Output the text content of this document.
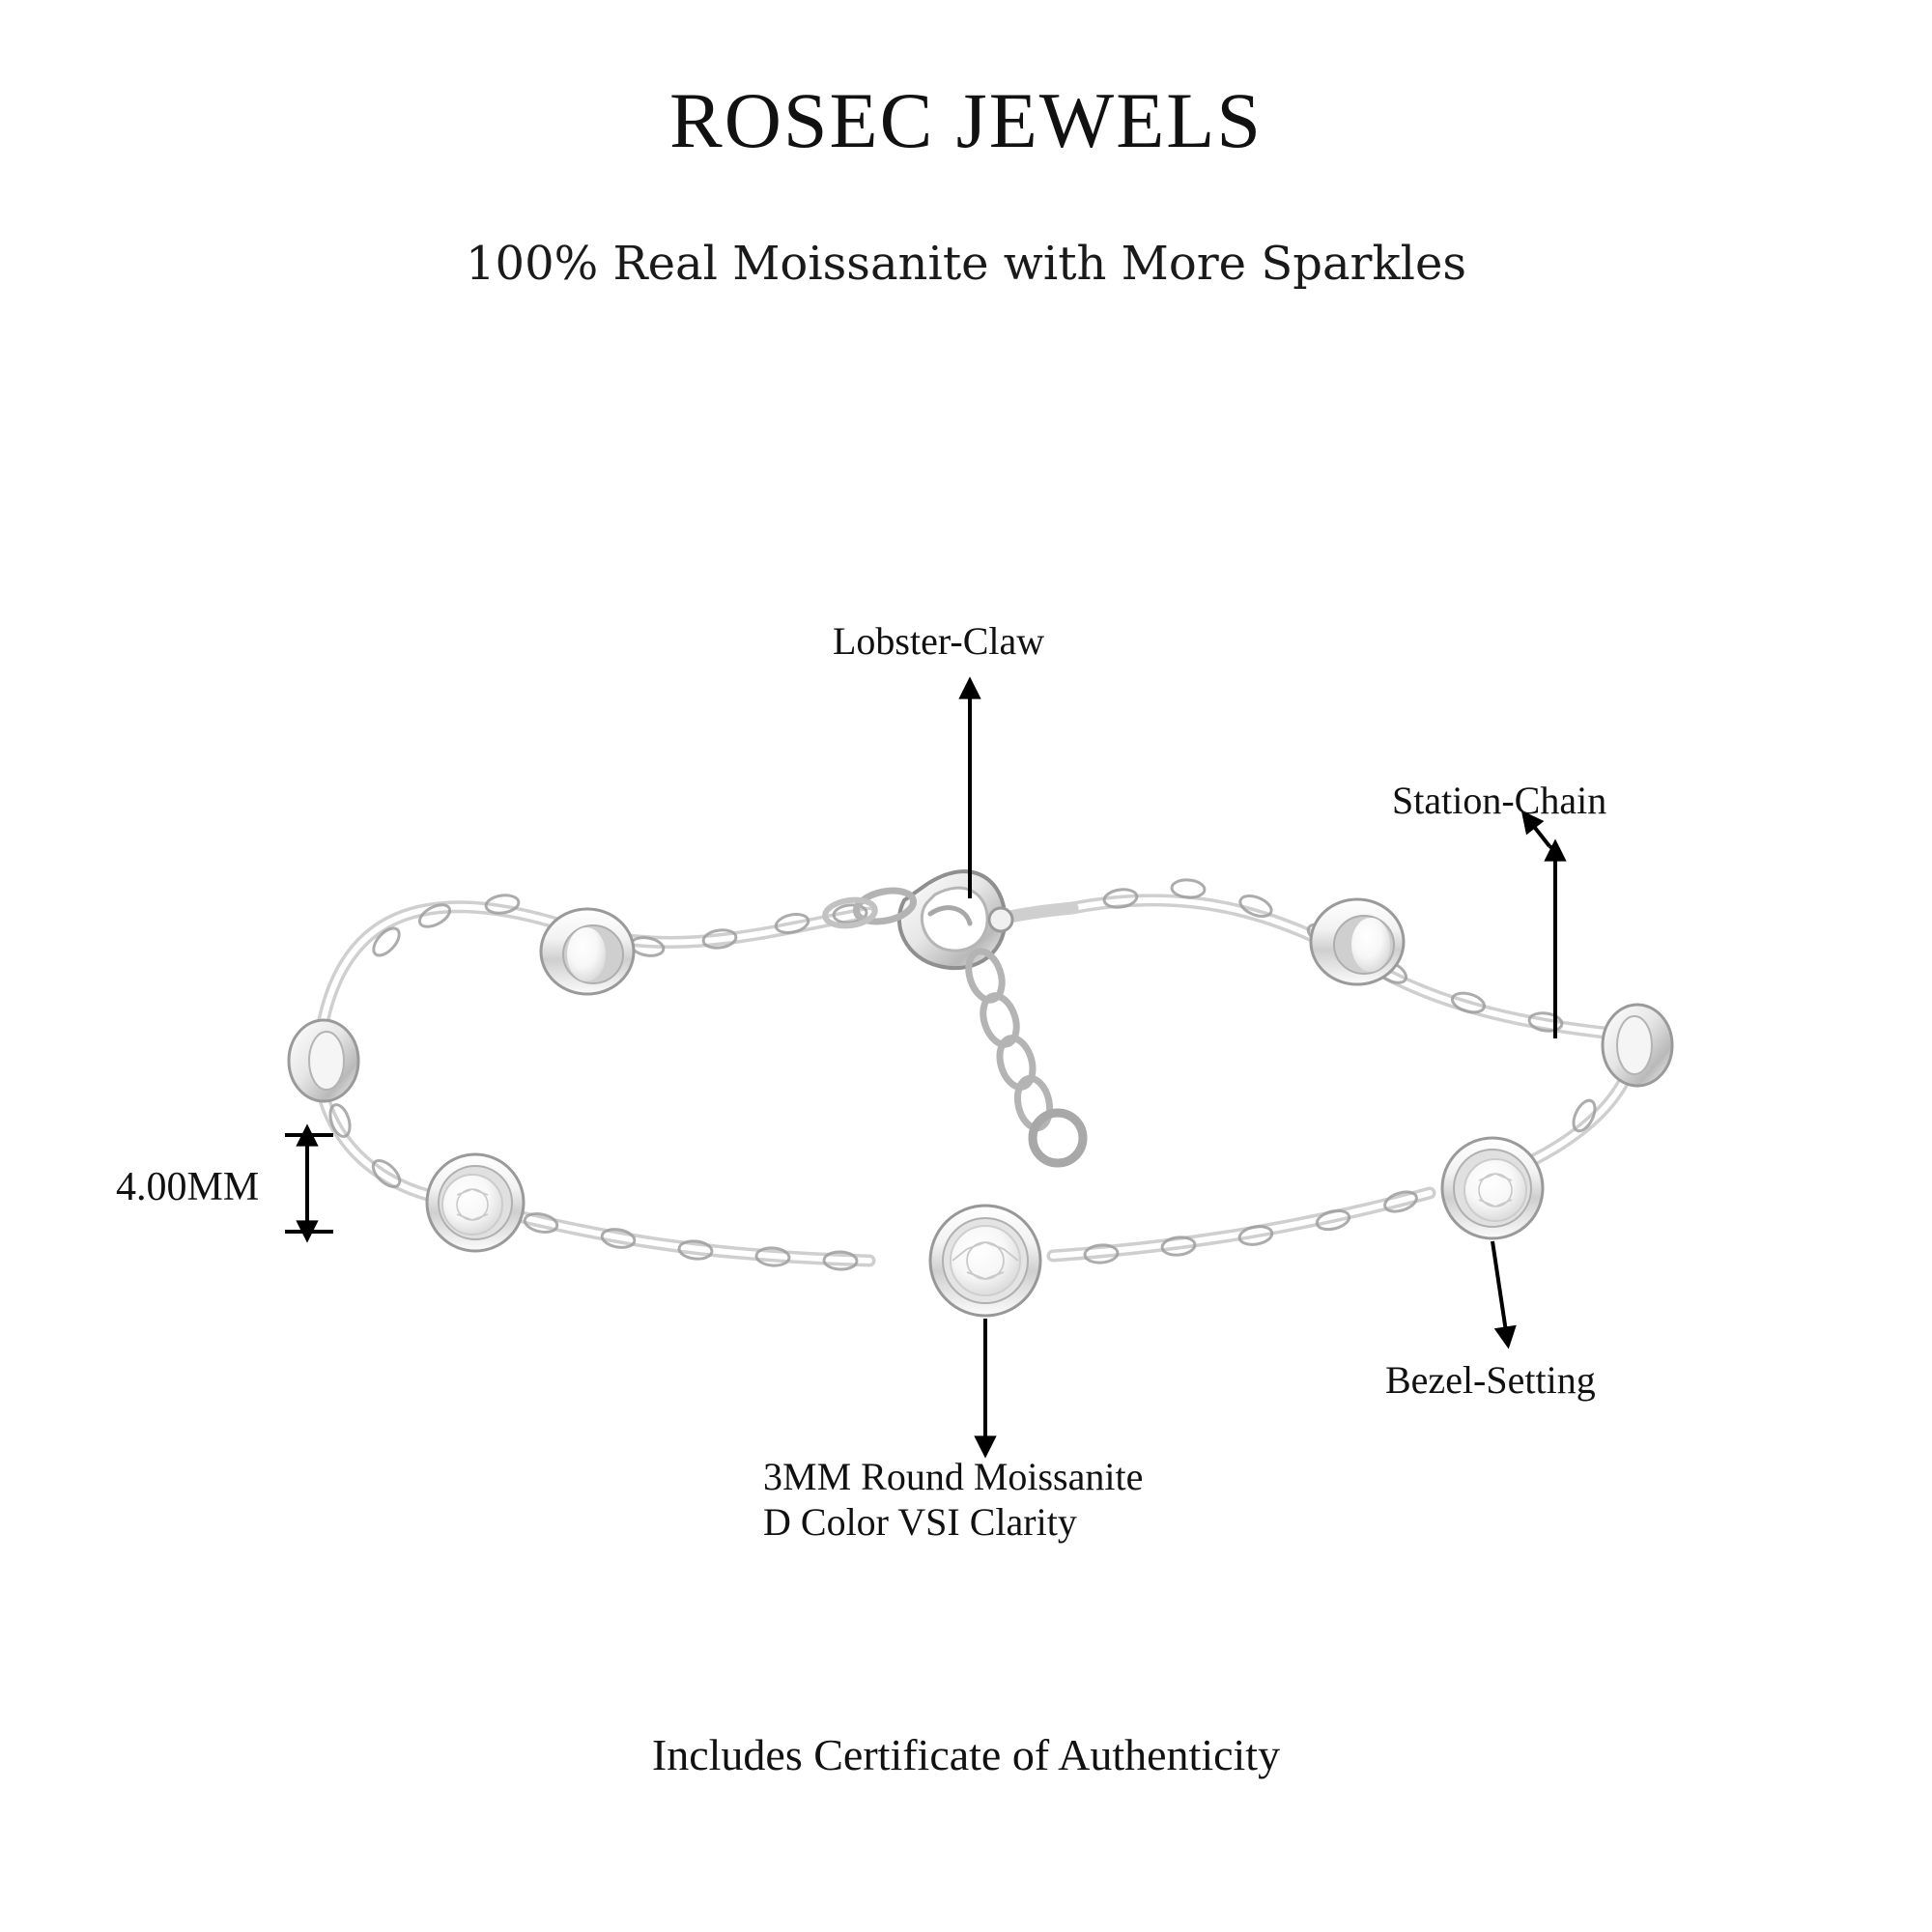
ROSEC JEWELS
100% Real Moissanite with More Sparkles
Lobster-Claw
Station-Chain
Bezel-Setting
4.00MM
3MM Round Moissanite
D Color VSI Clarity
Includes Certificate of Authenticity
